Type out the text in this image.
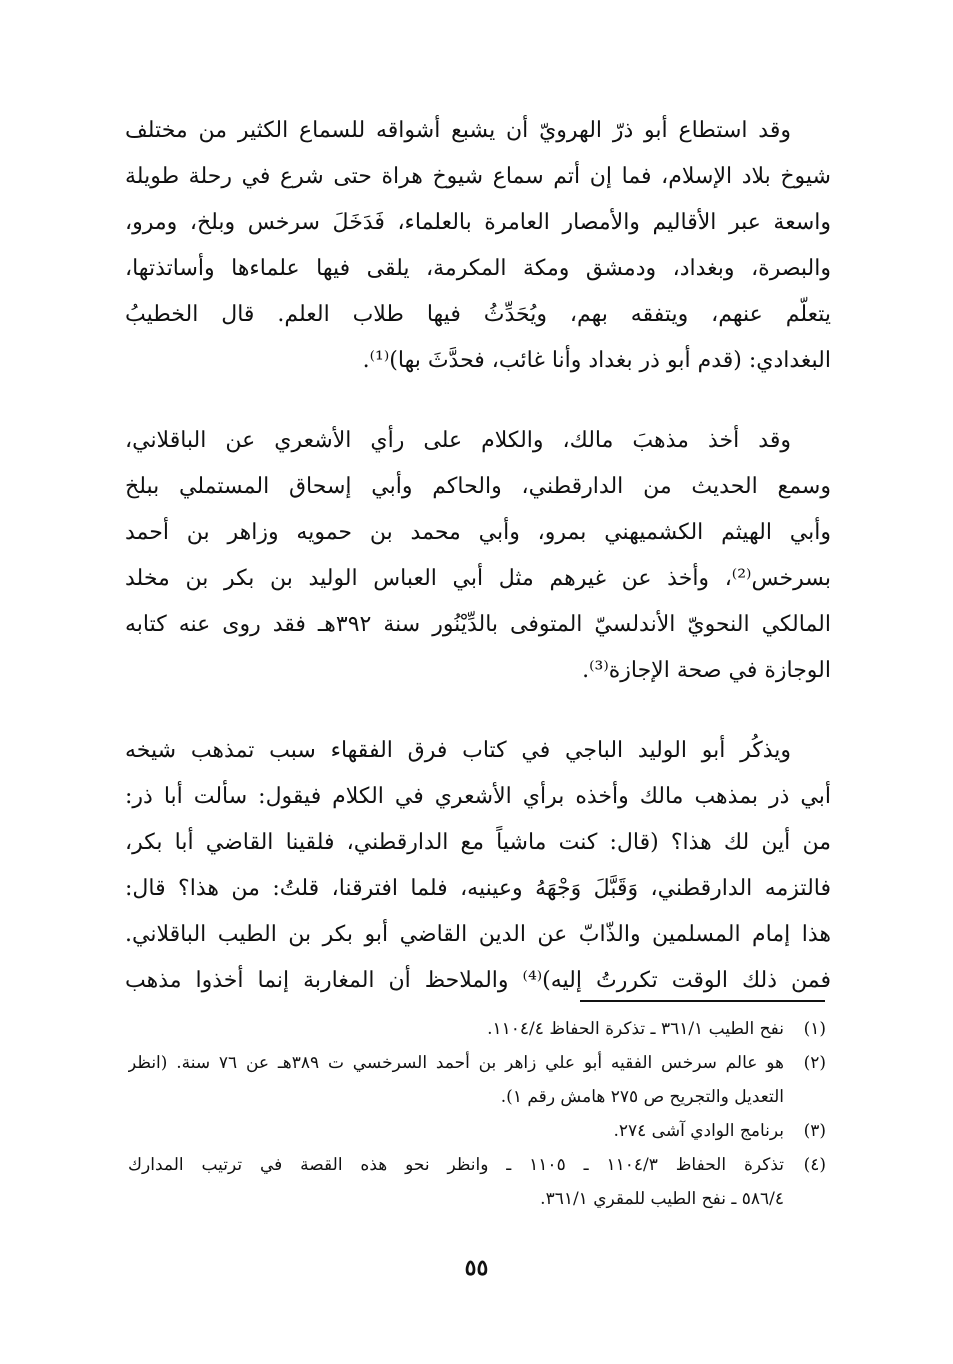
وقد استطاع أبو ذرّ الهرويّ أن يشبع أشواقه للسماع الكثير من مختلف
شيوخ بلاد الإسلام، فما إن أتم سماع شيوخ هراة حتى شرع في رحلة طويلة
واسعة عبر الأقاليم والأمصار العامرة بالعلماء، فَدَخَلَ سرخس وبلخ، ومرو،
والبصرة، وبغداد، ودمشق ومكة المكرمة، يلقى فيها علماءها وأساتذتها،
يتعلّم عنهم، ويتفقه بهم، ويُحَدِّثُ فيها طلاب العلم. قال الخطيبُ
البغدادي: (قدم أبو ذر بغداد وأنا غائب، فحدَّثَ بها)⁽¹⁾.

وقد أخذ مذهبَ مالك، والكلام على رأي الأشعري عن الباقلاني،
وسمع الحديث من الدارقطني، والحاكم وأبي إسحاق المستملي ببلخ
وأبي الهيثم الكشميهني بمرو، وأبي محمد بن حمويه وزاهر بن أحمد
بسرخس⁽²⁾، وأخذ عن غيرهم مثل أبي العباس الوليد بن بكر بن مخلد
المالكي النحويّ الأندلسيّ المتوفى بالدِّيْنُور سنة ٣٩٢هـ فقد روى عنه كتابه
الوجازة في صحة الإجازة⁽³⁾.

ويذكُر أبو الوليد الباجي في كتاب فرق الفقهاء سبب تمذهب شيخه
أبي ذر بمذهب مالك وأخذه برأي الأشعري في الكلام فيقول: سألت أبا ذر:
من أين لك هذا؟ (قال: كنت ماشياً مع الدارقطني، فلقينا القاضي أبا بكر،
فالتزمه الدارقطني، وَقَبَّلَ وَجْهَهُ وعينيه، فلما افترقنا، قلتُ: من هذا؟ قال:
هذا إمام المسلمين والذّابّ عن الدين القاضي أبو بكر بن الطيب الباقلاني.
فمن ذلك الوقت تكررتُ إليه)⁽⁴⁾ والملاحظ أن المغاربة إنما أخذوا مذهب

(١)
نفح الطيب ٣٦١/١ ـ تذكرة الحفاظ ١١٠٤/٤.
(٢)
هو عالم سرخس الفقيه أبو علي زاهر بن أحمد السرخسي ت ٣٨٩هـ عن ٧٦ سنة. (انظر
التعديل والتجريح ص ٢٧٥ هامش رقم ١).
(٣)
برنامج الوادي آشى ٢٧٤.
(٤)
تذكرة الحفاظ ١١٠٤/٣ ـ ١١٠٥ ـ وانظر نحو هذه القصة في ترتيب المدارك
٥٨٦/٤ ـ نفح الطيب للمقري ٣٦١/١.
٥٥
